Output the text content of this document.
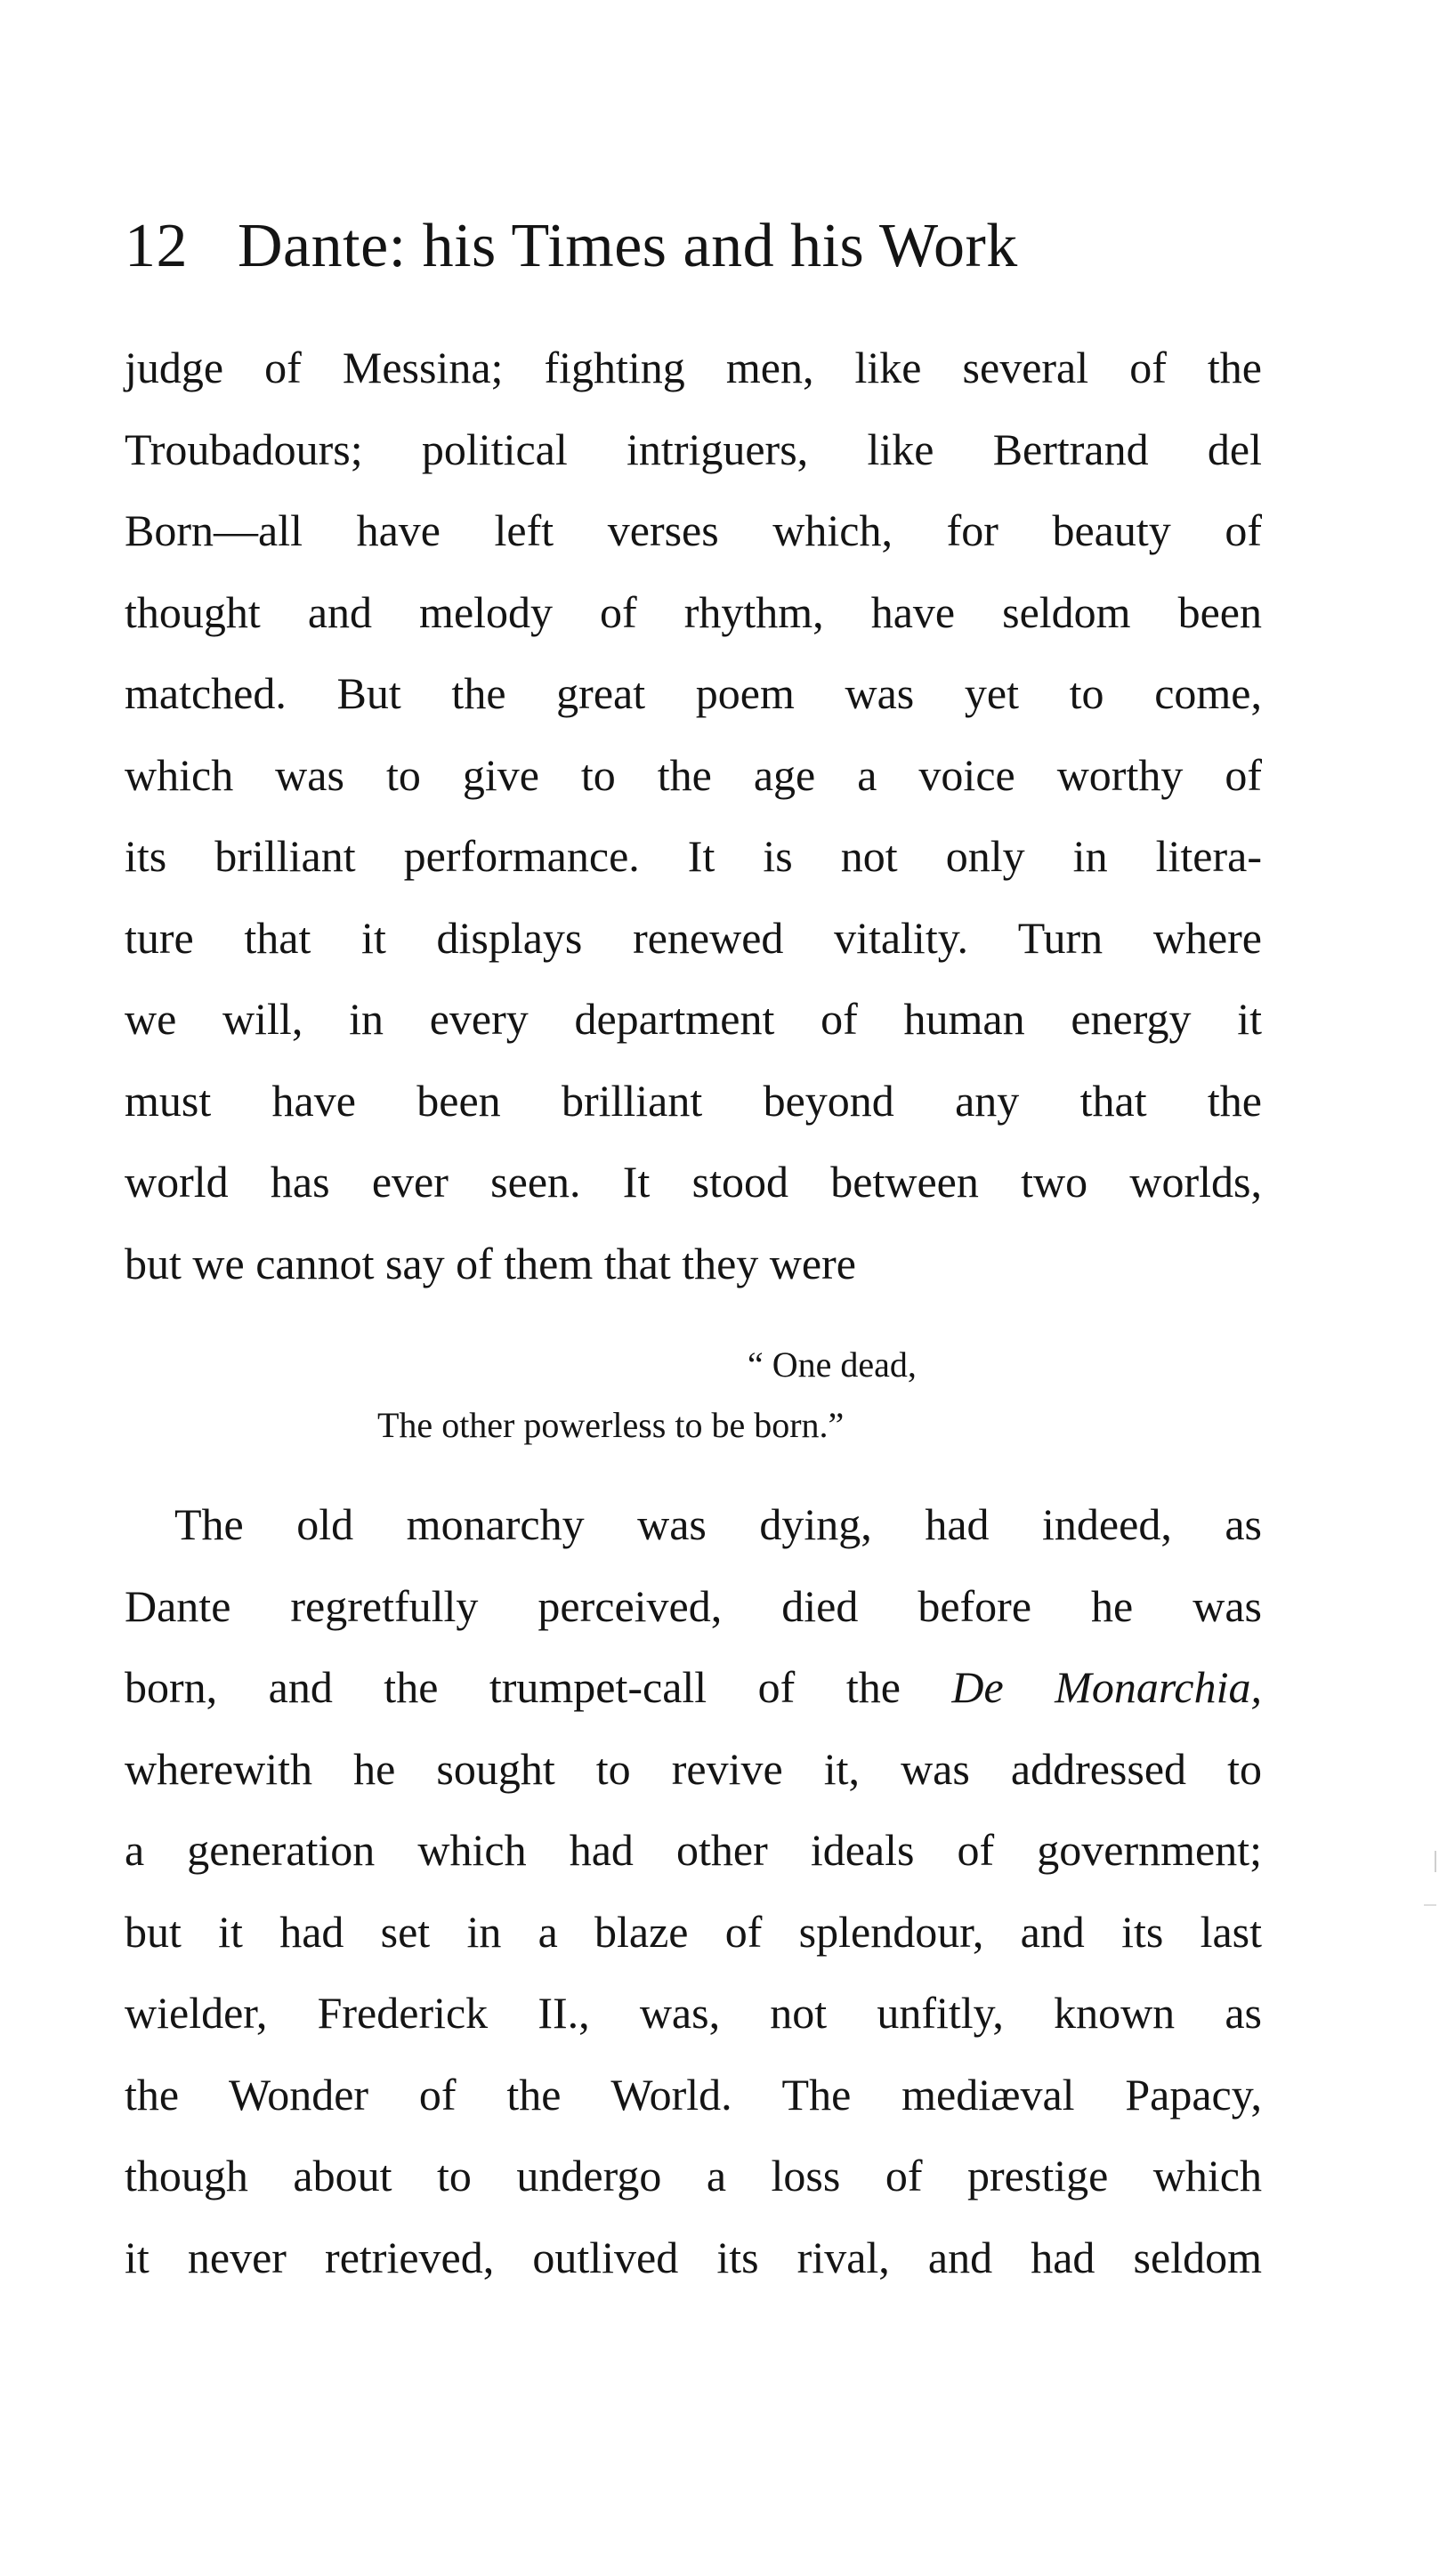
12 Dante: his Times and his Work
judge of Messina; fighting men, like several of the
Troubadours; political intriguers, like Bertrand del
Born—all have left verses which, for beauty of
thought and melody of rhythm, have seldom been
matched. But the great poem was yet to come,
which was to give to the age a voice worthy of
its brilliant performance. It is not only in litera-
ture that it displays renewed vitality. Turn where
we will, in every department of human energy it
must have been brilliant beyond any that the
world has ever seen. It stood between two worlds,
but we cannot say of them that they were
“ One dead,
The other powerless to be born.”
The old monarchy was dying, had indeed, as
Dante regretfully perceived, died before he was
born, and the trumpet-call of the De Monarchia,
wherewith he sought to revive it, was addressed to
a generation which had other ideals of government;
but it had set in a blaze of splendour, and its last
wielder, Frederick II., was, not unfitly, known as
the Wonder of the World. The mediæval Papacy,
though about to undergo a loss of prestige which
it never retrieved, outlived its rival, and had seldom
